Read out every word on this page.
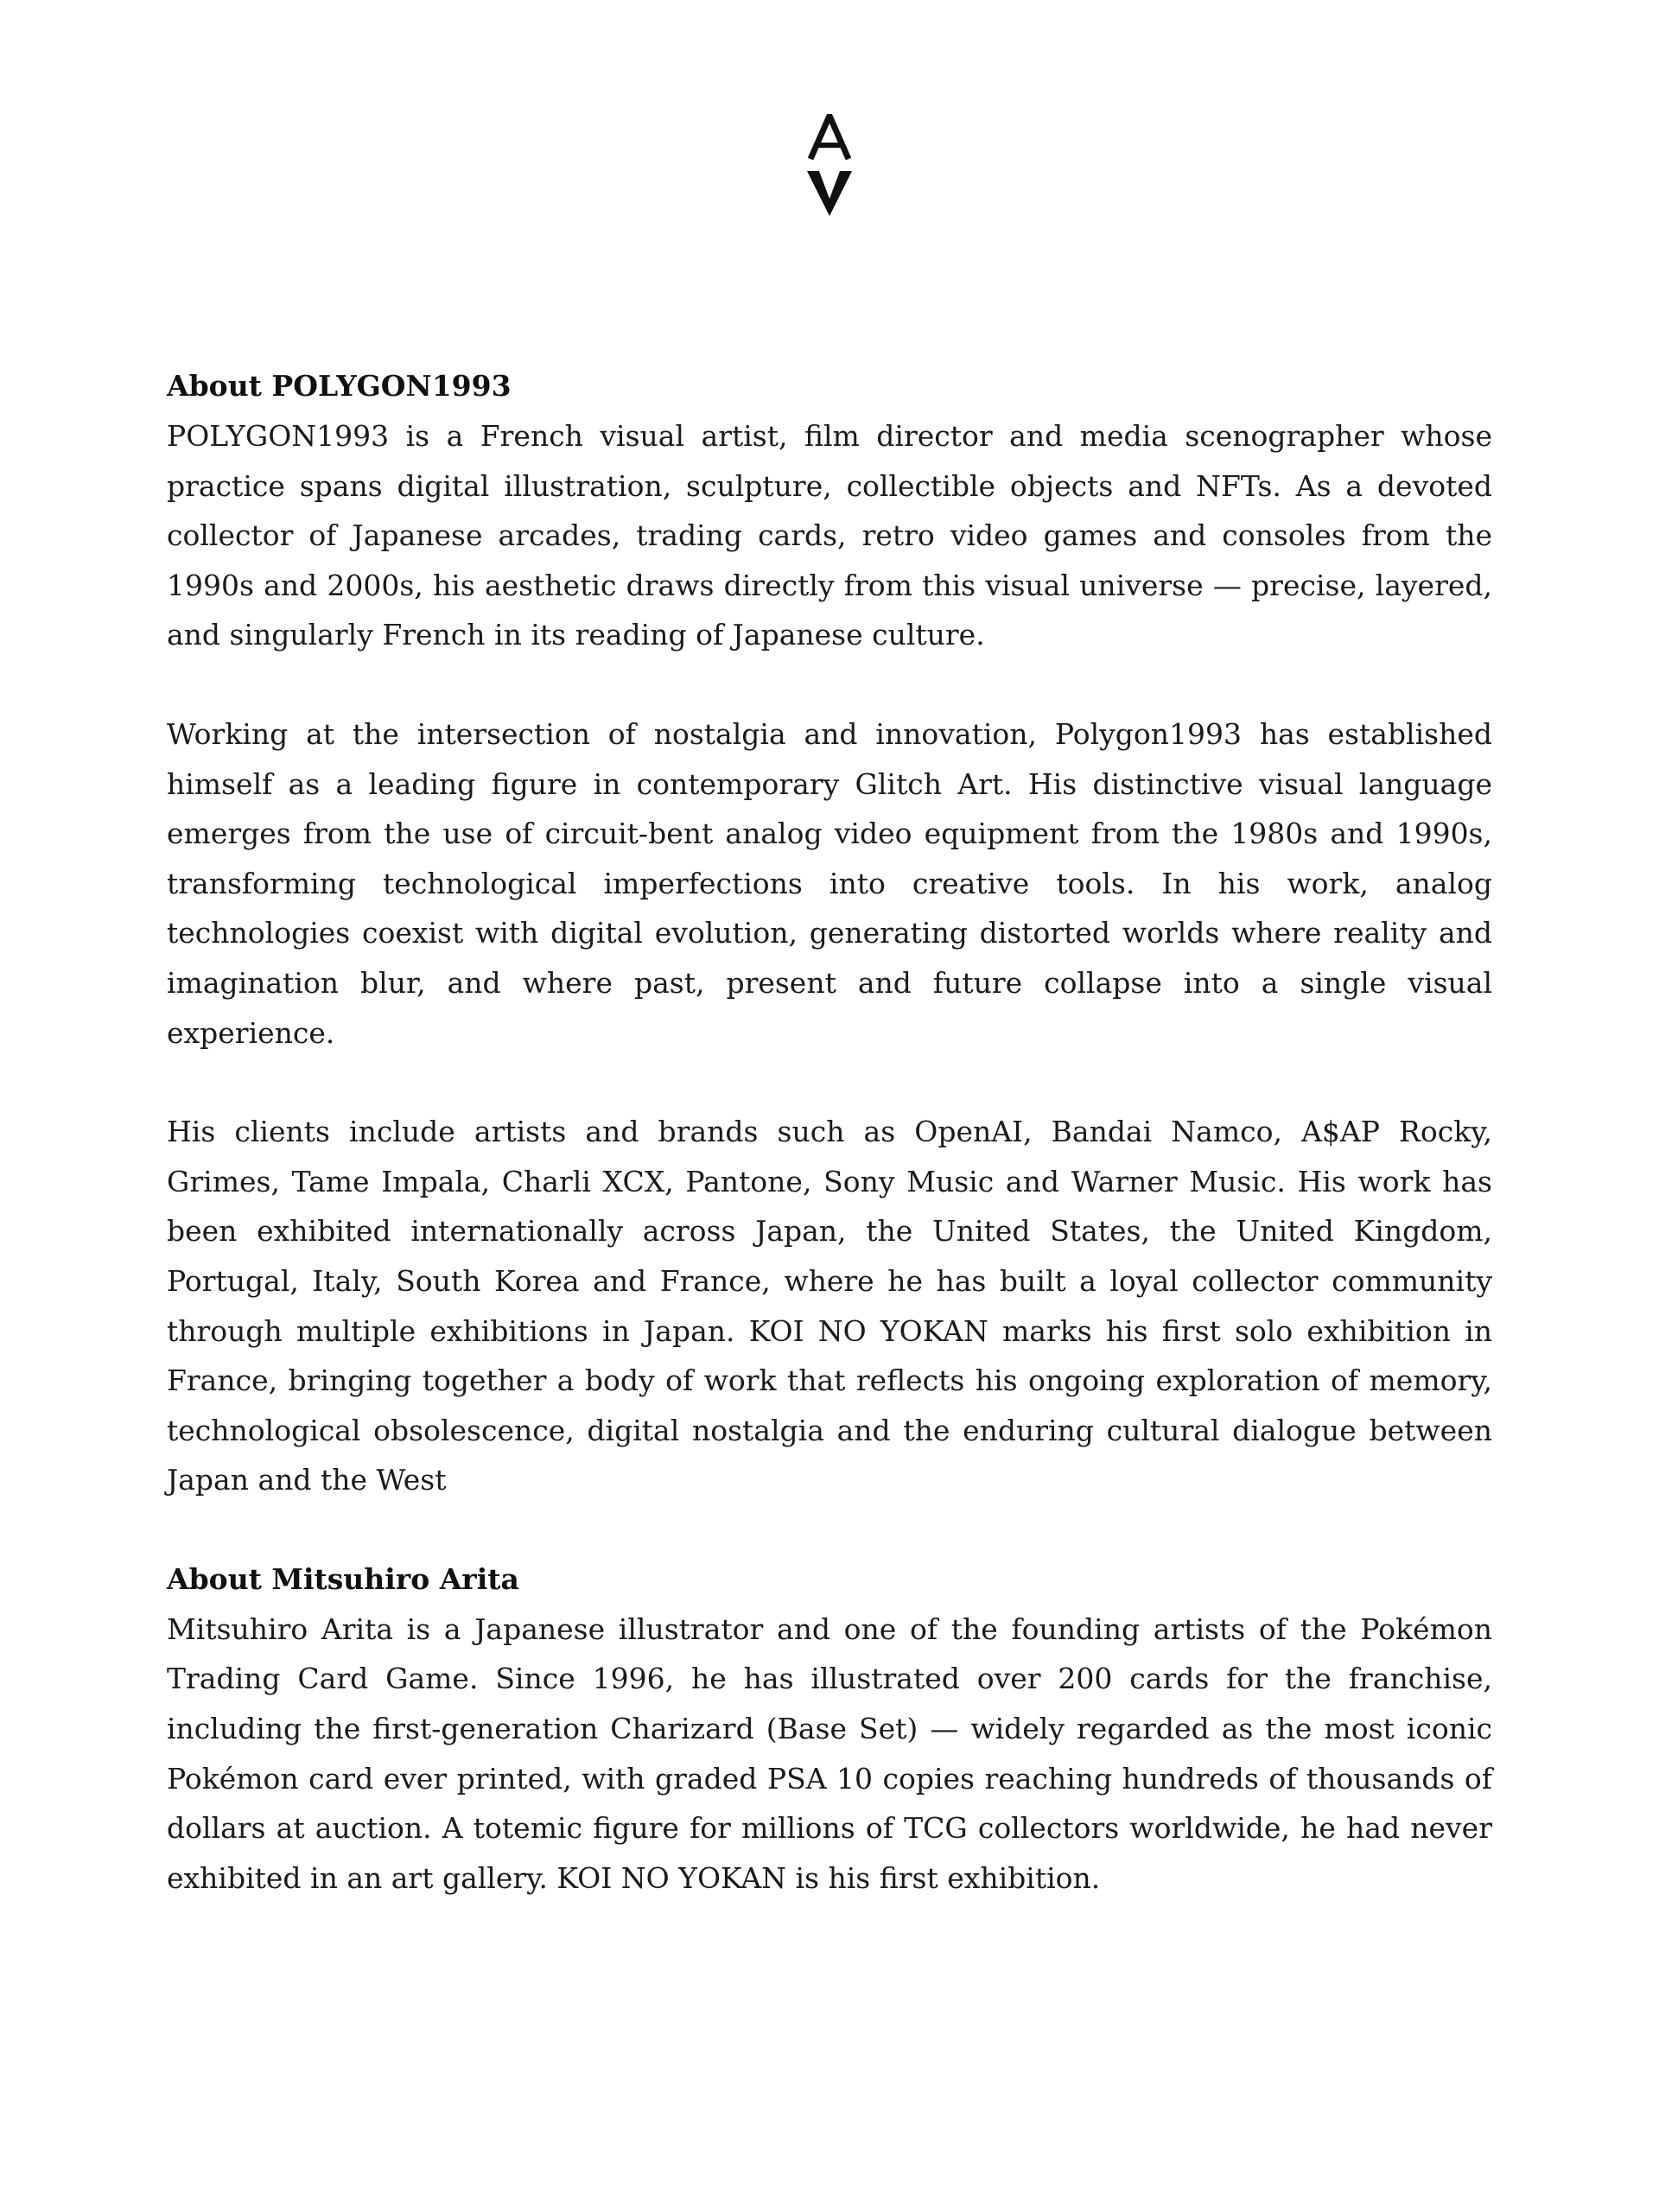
About POLYGON1993

POLYGON1993 is a French visual artist, film director and media scenographer whose practice spans digital illustration, sculpture, collectible objects and NFTs. As a devoted collector of Japanese arcades, trading cards, retro video games and consoles from the 1990s and 2000s, his aesthetic draws directly from this visual universe — precise, layered, and singularly French in its reading of Japanese culture.

Working at the intersection of nostalgia and innovation, Polygon1993 has established himself as a leading figure in contemporary Glitch Art. His distinctive visual language emerges from the use of circuit-bent analog video equipment from the 1980s and 1990s, transforming technological imperfections into creative tools. In his work, analog technologies coexist with digital evolution, generating distorted worlds where reality and imagination blur, and where past, present and future collapse into a single visual experience.

His clients include artists and brands such as OpenAI, Bandai Namco, A$AP Rocky, Grimes, Tame Impala, Charli XCX, Pantone, Sony Music and Warner Music. His work has been exhibited internationally across Japan, the United States, the United Kingdom, Portugal, Italy, South Korea and France, where he has built a loyal collector community through multiple exhibitions in Japan. KOI NO YOKAN marks his first solo exhibition in France, bringing together a body of work that reflects his ongoing exploration of memory, technological obsolescence, digital nostalgia and the enduring cultural dialogue between Japan and the West

About Mitsuhiro Arita

Mitsuhiro Arita is a Japanese illustrator and one of the founding artists of the Pokémon Trading Card Game. Since 1996, he has illustrated over 200 cards for the franchise, including the first-generation Charizard (Base Set) — widely regarded as the most iconic Pokémon card ever printed, with graded PSA 10 copies reaching hundreds of thousands of dollars at auction. A totemic figure for millions of TCG collectors worldwide, he had never exhibited in an art gallery. KOI NO YOKAN is his first exhibition.
